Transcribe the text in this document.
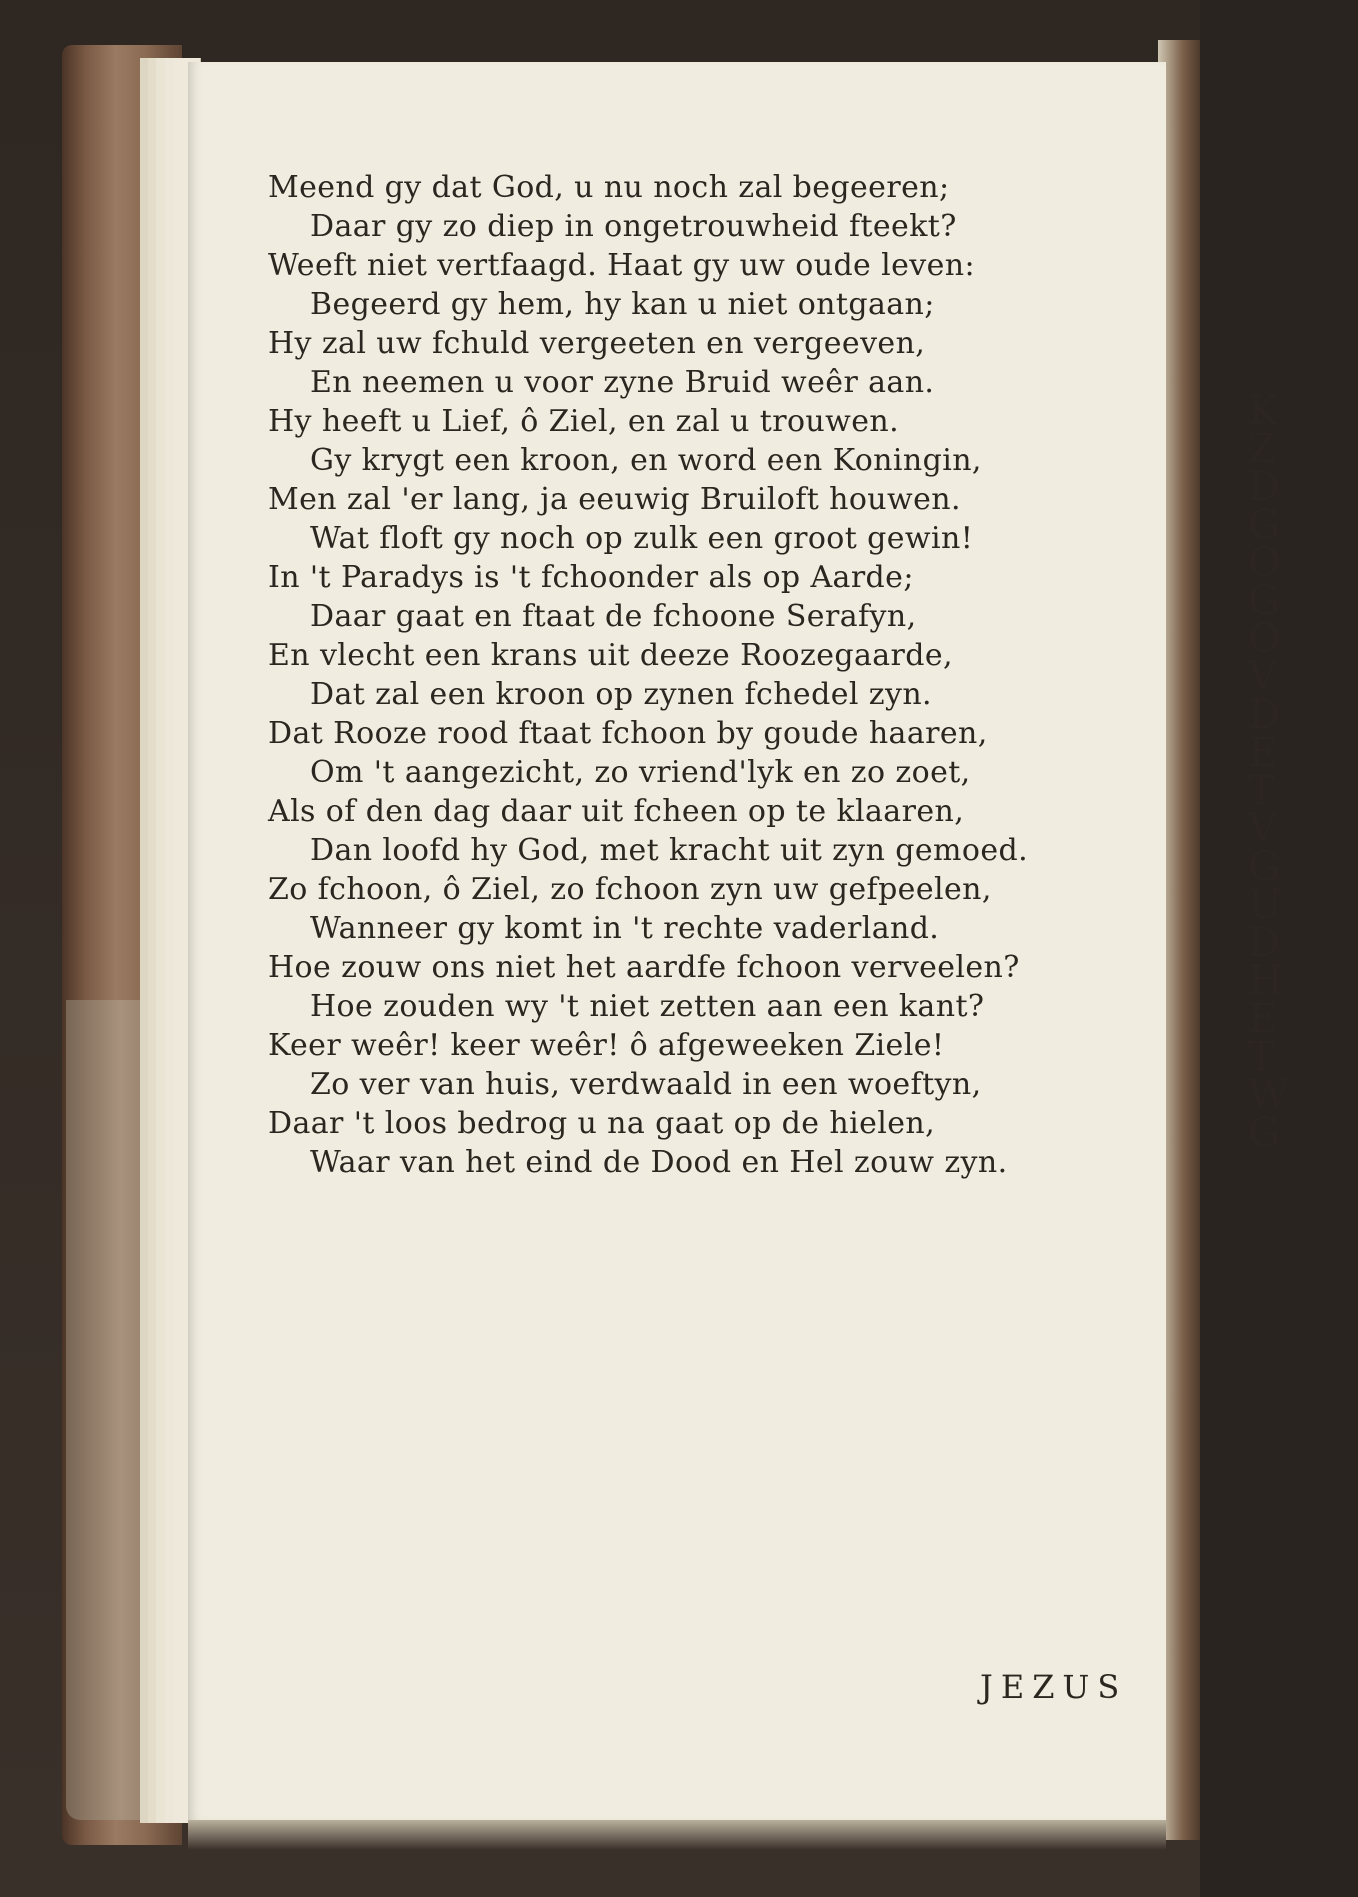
K
Z
D
G
O
G
O
V
D
E
T
V
G
U
D
H
E
T
W
G
Meend gy dat God, u nu noch zal begeeren;
Daar gy zo diep in ongetrouwheid fteekt?
Weeft niet vertfaagd. Haat gy uw oude leven:
Begeerd gy hem, hy kan u niet ontgaan;
Hy zal uw fchuld vergeeten en vergeeven,
En neemen u voor zyne Bruid weêr aan.
Hy heeft u Lief, ô Ziel, en zal u trouwen.
Gy krygt een kroon, en word een Koningin,
Men zal 'er lang, ja eeuwig Bruiloft houwen.
Wat floft gy noch op zulk een groot gewin!
In 't Paradys is 't fchoonder als op Aarde;
Daar gaat en ftaat de fchoone Serafyn,
En vlecht een krans uit deeze Roozegaarde,
Dat zal een kroon op zynen fchedel zyn.
Dat Rooze rood ftaat fchoon by goude haaren,
Om 't aangezicht, zo vriend'lyk en zo zoet,
Als of den dag daar uit fcheen op te klaaren,
Dan loofd hy God, met kracht uit zyn gemoed.
Zo fchoon, ô Ziel, zo fchoon zyn uw gefpeelen,
Wanneer gy komt in 't rechte vaderland.
Hoe zouw ons niet het aardfe fchoon verveelen?
Hoe zouden wy 't niet zetten aan een kant?
Keer weêr! keer weêr! ô afgeweeken Ziele!
Zo ver van huis, verdwaald in een woeftyn,
Daar 't loos bedrog u na gaat op de hielen,
Waar van het eind de Dood en Hel zouw zyn.
JEZUS
